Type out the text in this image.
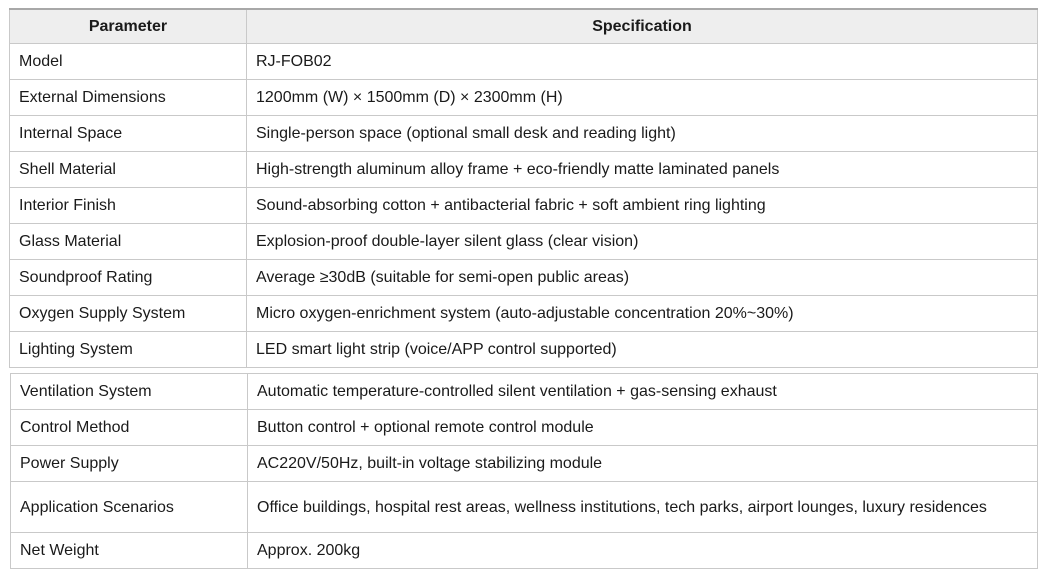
Parameter	Specification
Model	RJ-FOB02
External Dimensions	1200mm (W) × 1500mm (D) × 2300mm (H)
Internal Space	Single-person space (optional small desk and reading light)
Shell Material	High-strength aluminum alloy frame + eco-friendly matte laminated panels
Interior Finish	Sound-absorbing cotton + antibacterial fabric + soft ambient ring lighting
Glass Material	Explosion-proof double-layer silent glass (clear vision)
Soundproof Rating	Average ≥30dB (suitable for semi-open public areas)
Oxygen Supply System	Micro oxygen-enrichment system (auto-adjustable concentration 20%~30%)
Lighting System	LED smart light strip (voice/APP control supported)
Ventilation System	Automatic temperature-controlled silent ventilation + gas-sensing exhaust
Control Method	Button control + optional remote control module
Power Supply	AC220V/50Hz, built-in voltage stabilizing module
Application Scenarios	Office buildings, hospital rest areas, wellness institutions, tech parks, airport lounges, luxury residences
Net Weight	Approx. 200kg
